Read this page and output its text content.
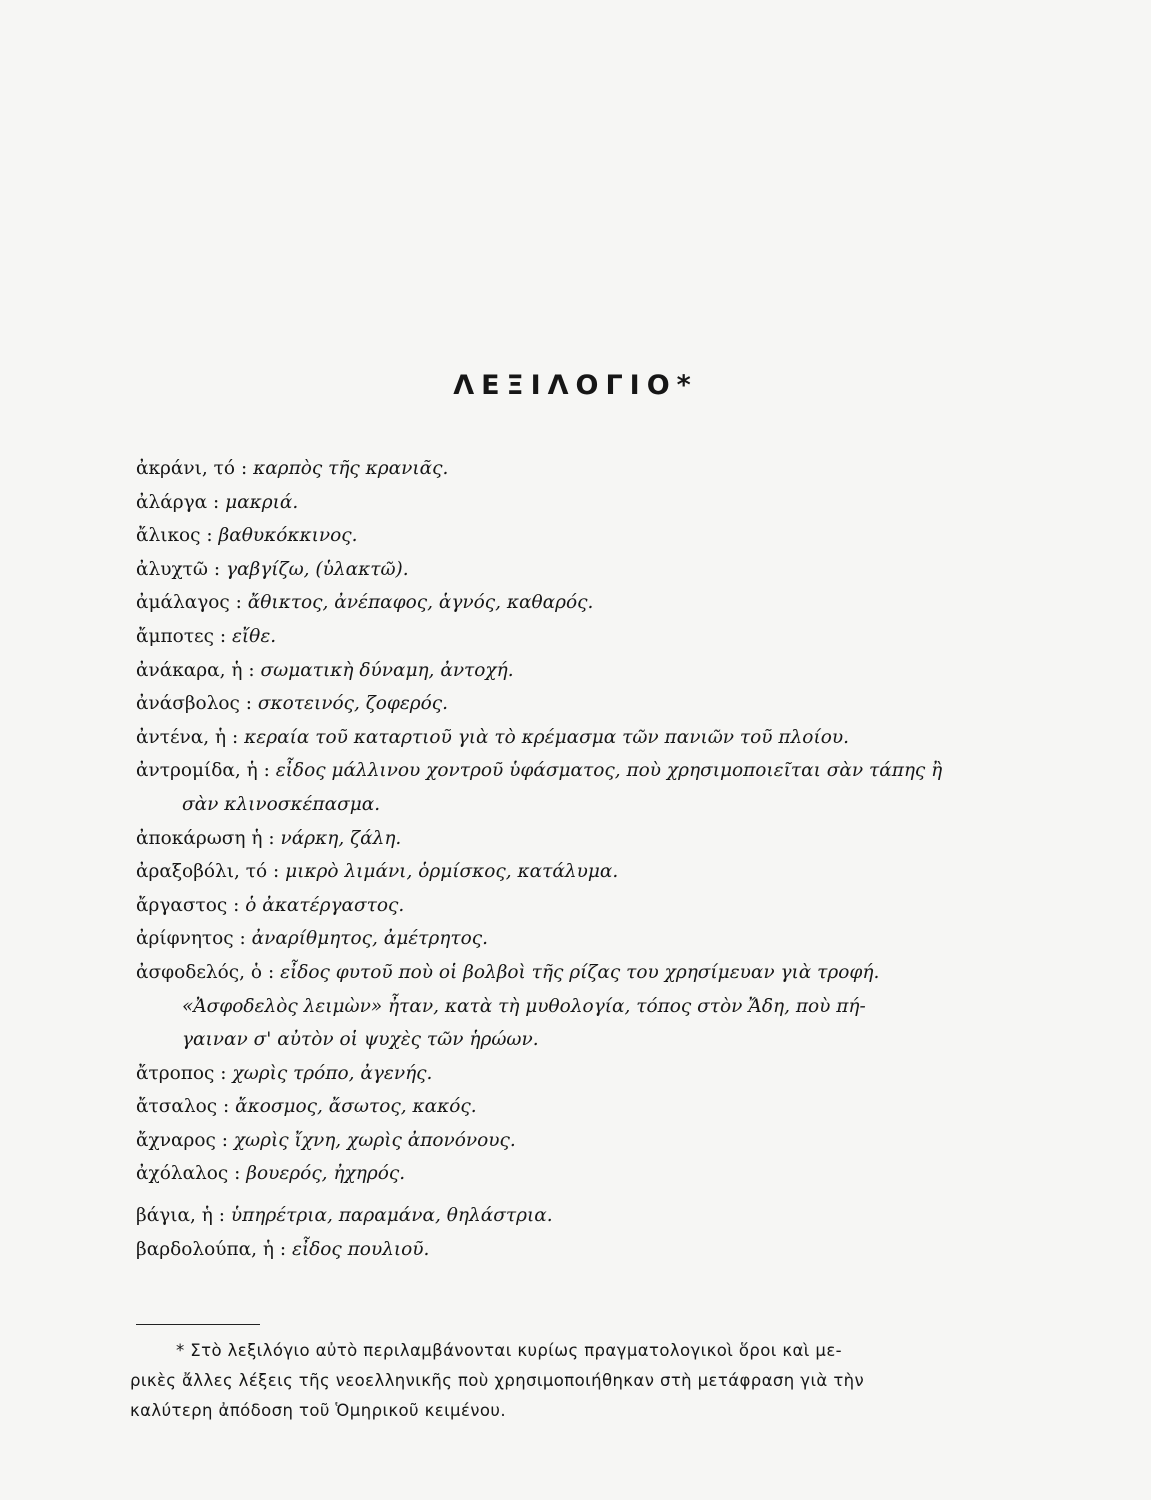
ΛΕΞΙΛΟΓΙΟ*
ἀκράνι, τό : καρπὸς τῆς κρανιᾶς.
ἀλάργα : μακριά.
ἄλικος : βαθυκόκκινος.
ἀλυχτῶ : γαβγίζω, (ὑλακτῶ).
ἀμάλαγος : ἄθικτος, ἀνέπαφος, ἁγνός, καθαρός.
ἄμποτες : εἴθε.
ἀνάκαρα, ἡ : σωματικὴ δύναμη, ἀντοχή.
ἀνάσβολος : σκοτεινός, ζοφερός.
ἀντένα, ἡ : κεραία τοῦ καταρτιοῦ γιὰ τὸ κρέμασμα τῶν πανιῶν τοῦ πλοίου.
ἀντρομίδα, ἡ : εἶδος μάλλινου χοντροῦ ὑφάσματος, ποὺ χρησιμοποιεῖται σὰν τάπης ἢ
σὰν κλινοσκέπασμα.
ἀποκάρωση ἡ : νάρκη, ζάλη.
ἀραξοβόλι, τό : μικρὸ λιμάνι, ὁρμίσκος, κατάλυμα.
ἄργαστος : ὁ ἀκατέργαστος.
ἀρίφνητος : ἀναρίθμητος, ἀμέτρητος.
ἀσφοδελός, ὁ : εἶδος φυτοῦ ποὺ οἱ βολβοὶ τῆς ρίζας του χρησίμευαν γιὰ τροφή.
«Ἀσφοδελὸς λειμὼν» ἦταν, κατὰ τὴ μυθολογία, τόπος στὸν Ἄδη, ποὺ πή-
γαιναν σ' αὐτὸν οἱ ψυχὲς τῶν ἡρώων.
ἄτροπος : χωρὶς τρόπο, ἀγενής.
ἄτσαλος : ἄκοσμος, ἄσωτος, κακός.
ἄχναρος : χωρὶς ἴχνη, χωρὶς ἀπονόνους.
ἀχόλαλος : βουερός, ἠχηρός.
βάγια, ἡ : ὑπηρέτρια, παραμάνα, θηλάστρια.
βαρδολούπα, ἡ : εἶδος πουλιοῦ.
* Στὸ λεξιλόγιο αὐτὸ περιλαμβάνονται κυρίως πραγματολογικοὶ ὅροι καὶ με-
ρικὲς ἄλλες λέξεις τῆς νεοελληνικῆς ποὺ χρησιμοποιήθηκαν στὴ μετάφραση γιὰ τὴν
καλύτερη ἀπόδοση τοῦ Ὁμηρικοῦ κειμένου.
